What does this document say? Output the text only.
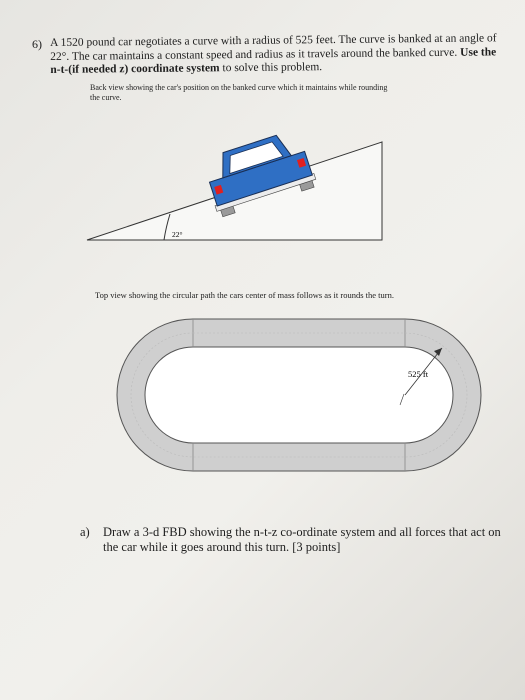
6) A 1520 pound car negotiates a curve with a radius of 525 feet. The curve is banked at an angle of 22°. The car maintains a constant speed and radius as it travels around the banked curve. Use the n-t-(if needed z) coordinate system to solve this problem.
Back view showing the car's position on the banked curve which it maintains while rounding the curve.
22°
Top view showing the circular path the cars center of mass follows as it rounds the turn.
525 ft
a) Draw a 3-d FBD showing the n-t-z co-ordinate system and all forces that act on the car while it goes around this turn. [3 points]
